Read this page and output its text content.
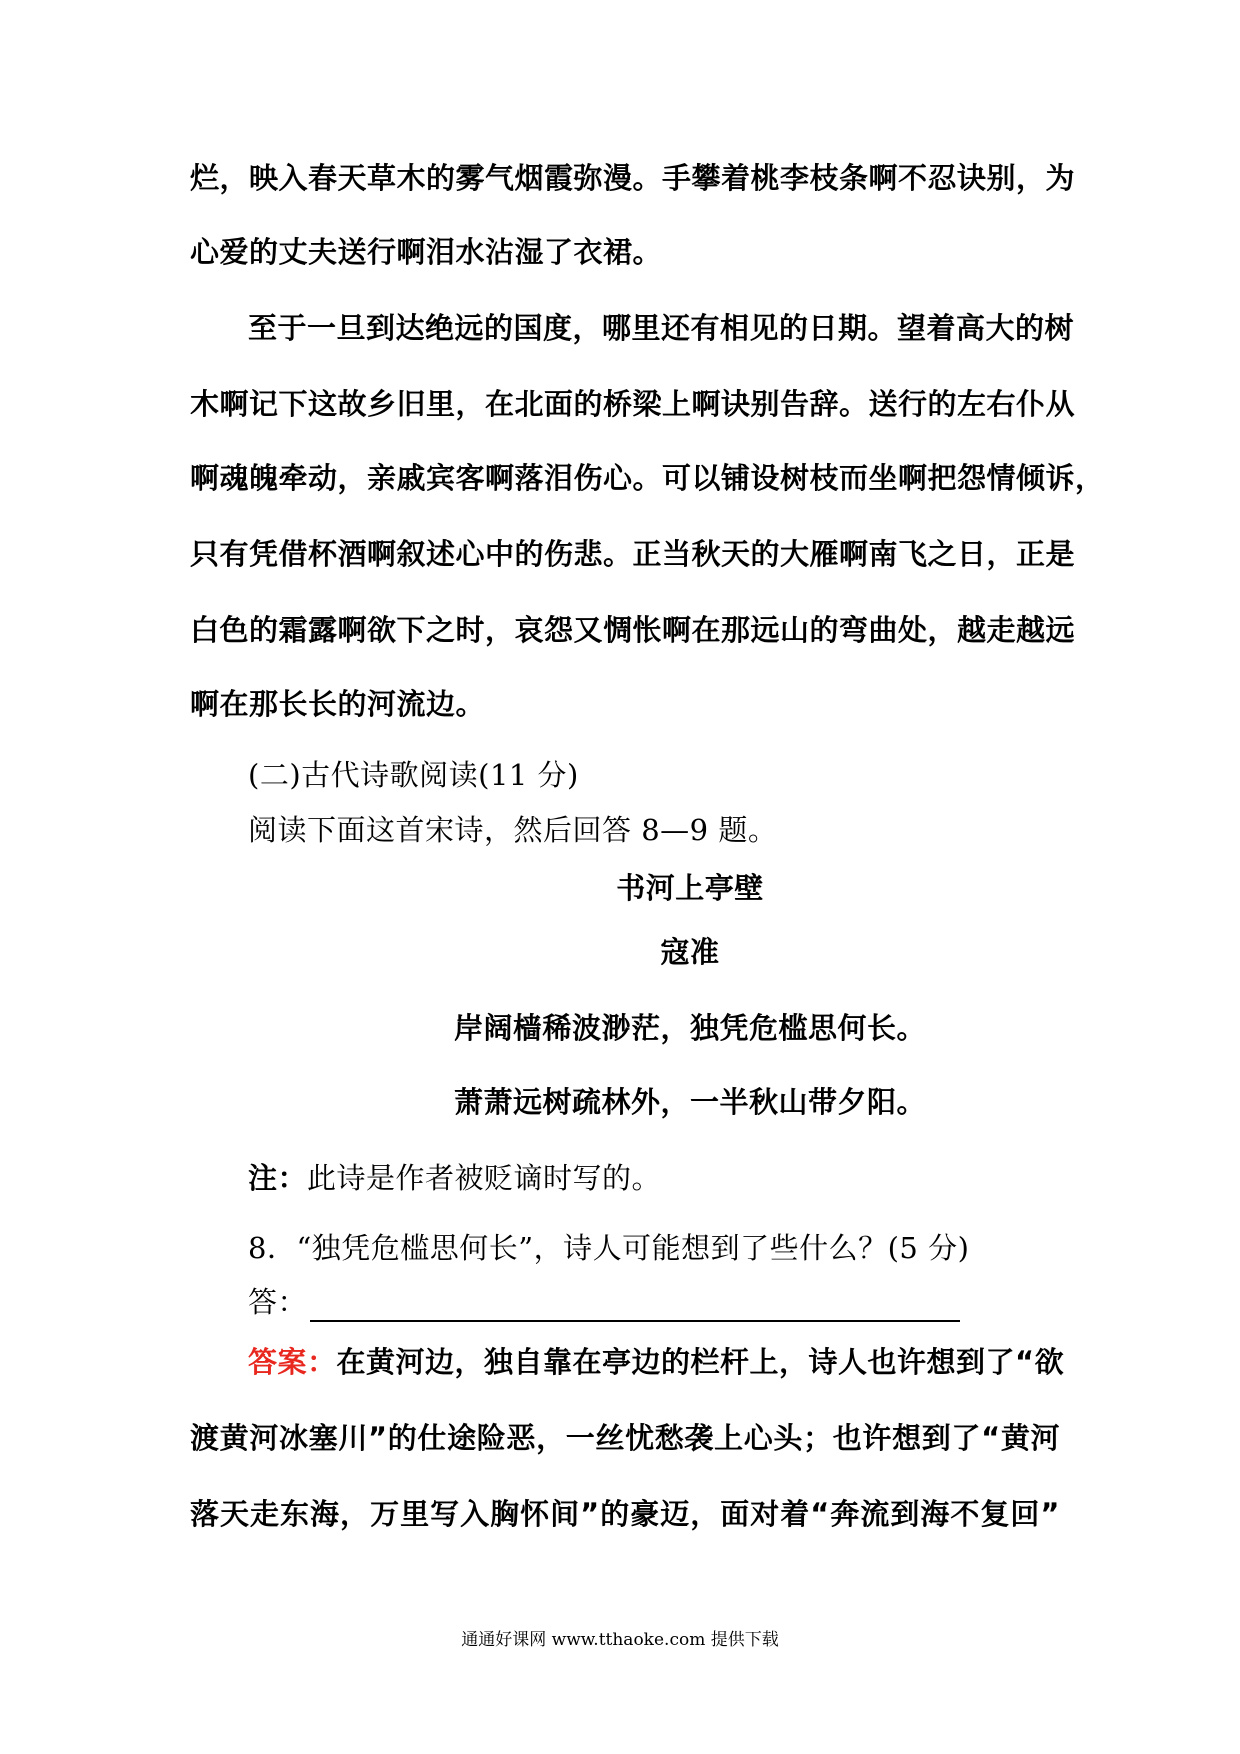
烂，映入春天草木的雾气烟霞弥漫。手攀着桃李枝条啊不忍诀别，为
心爱的丈夫送行啊泪水沾湿了衣裙。
至于一旦到达绝远的国度，哪里还有相见的日期。望着高大的树
木啊记下这故乡旧里，在北面的桥梁上啊诀别告辞。送行的左右仆从
啊魂魄牵动，亲戚宾客啊落泪伤心。可以铺设树枝而坐啊把怨情倾诉，
只有凭借杯酒啊叙述心中的伤悲。正当秋天的大雁啊南飞之日，正是
白色的霜露啊欲下之时，哀怨又惆怅啊在那远山的弯曲处，越走越远
啊在那长长的河流边。
(二)古代诗歌阅读(11 分)
阅读下面这首宋诗，然后回答 8—9 题。
书河上亭壁
寇准
岸阔樯稀波渺茫，独凭危槛思何长。
萧萧远树疏林外，一半秋山带夕阳。
注：此诗是作者被贬谪时写的。
8．“独凭危槛思何长”，诗人可能想到了些什么？(5 分)
答：
答案：在黄河边，独自靠在亭边的栏杆上，诗人也许想到了“欲
渡黄河冰塞川”的仕途险恶，一丝忧愁袭上心头；也许想到了“黄河
落天走东海，万里写入胸怀间”的豪迈，面对着“奔流到海不复回”
通通好课网 www.tthaoke.com 提供下载
